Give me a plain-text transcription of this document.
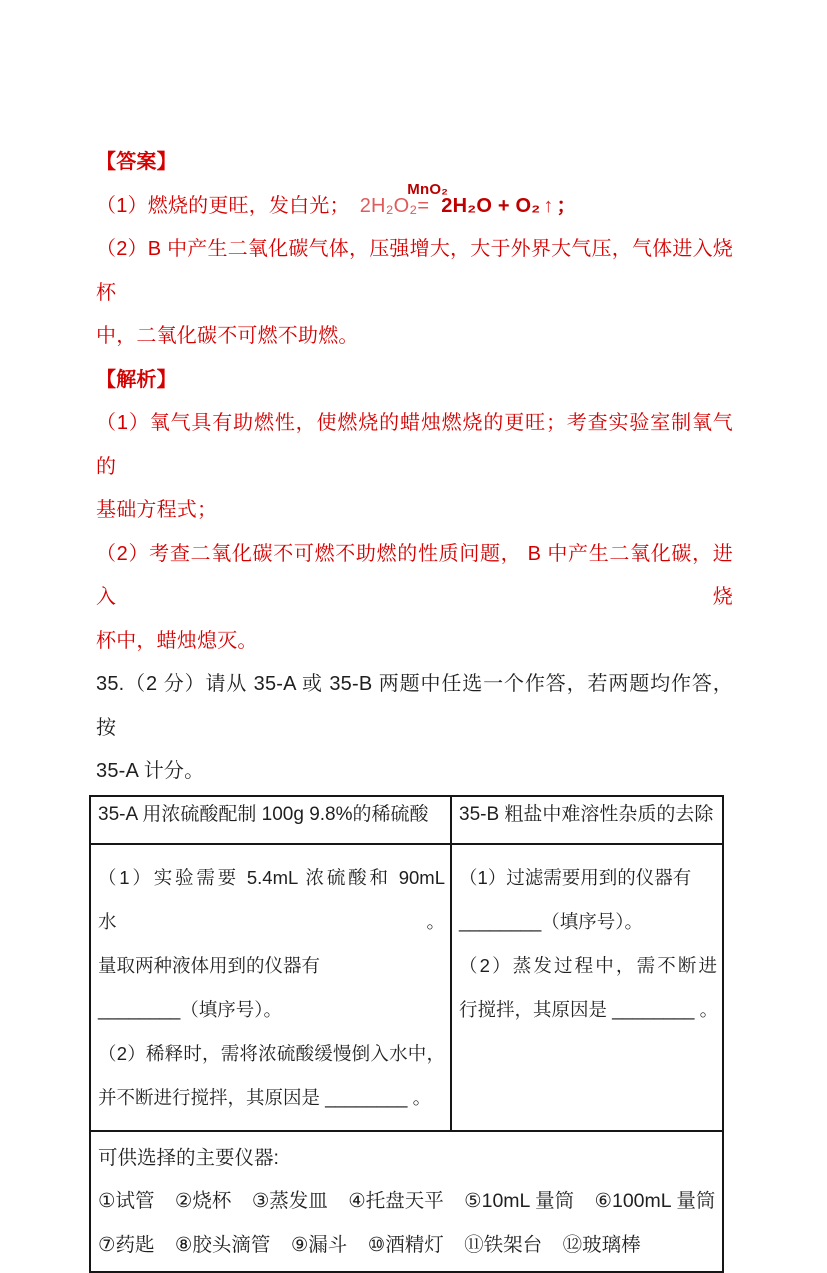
【答案】
（1）燃烧的更旺，发白光； 2H₂O₂=
MnO₂
2H₂O + O₂ ↑ ；
（2）B 中产生二氧化碳气体，压强增大，大于外界大气压，气体进入烧杯
中，二氧化碳不可燃不助燃。
【解析】
（1）氧气具有助燃性，使燃烧的蜡烛燃烧的更旺；考查实验室制氧气的
基础方程式；
（2）考查二氧化碳不可燃不助燃的性质问题， B 中产生二氧化碳，进入烧
杯中，蜡烛熄灭。
35.（2 分）请从 35-A 或 35-B 两题中任选一个作答，若两题均作答，按
35-A 计分。
35-A 用浓硫酸配制 100g 9.8%的稀硫酸	35-B 粗盐中难溶性杂质的去除

（1）实验需要 5.4mL 浓硫酸和 90mL 水。
量取两种液体用到的仪器有
________（填序号）。
（2）稀释时，需将浓硫酸缓慢倒入水中，
并不断进行搅拌，其原因是 ________ 。

（1）过滤需要用到的仪器有
________（填序号）。
（2）蒸发过程中，需不断进
行搅拌，其原因是 ________ 。

可供选择的主要仪器:
①试管 ②烧杯 ③蒸发皿 ④托盘天平 ⑤10mL 量筒 ⑥100mL 量筒
⑦药匙 ⑧胶头滴管 ⑨漏斗 ⑩酒精灯 ⑪铁架台 ⑫玻璃棒	
